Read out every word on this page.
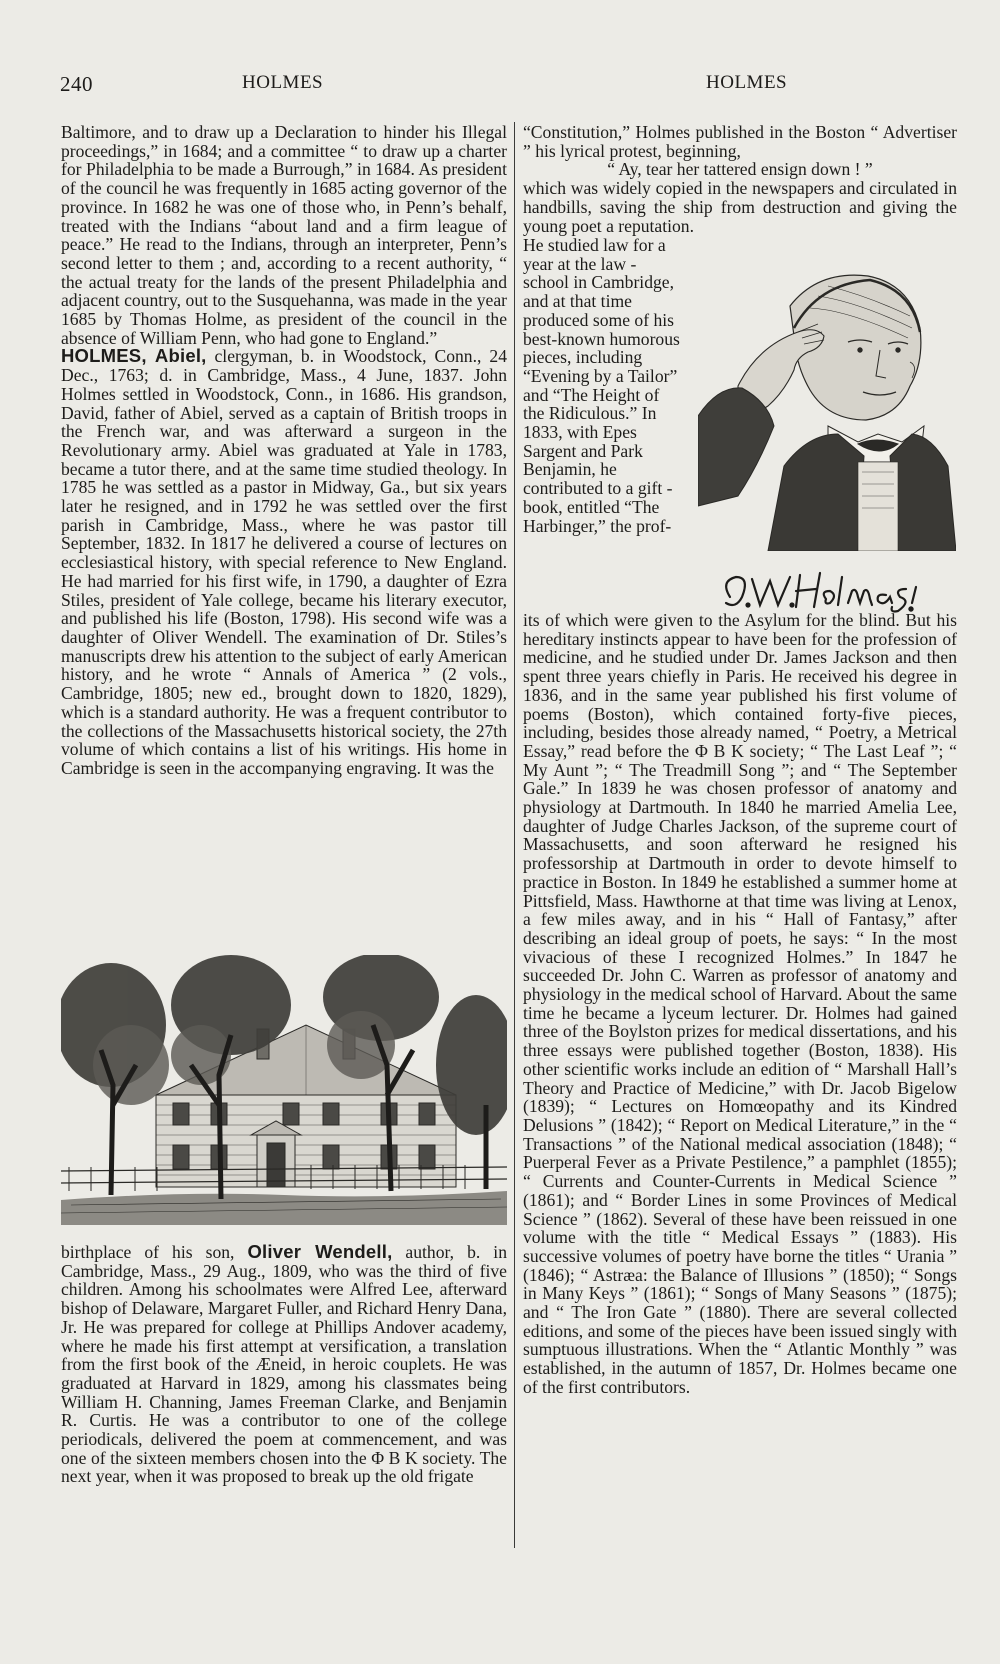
240	HOLMES	HOLMES

Baltimore, and to draw up a Declaration to hinder his Illegal proceedings,” in 1684; and a committee “ to draw up a charter for Philadelphia to be made a Burrough,” in 1684. As president of the council he was frequently in 1685 acting governor of the province. In 1682 he was one of those who, in Penn’s behalf, treated with the Indians “about land and a firm league of peace.” He read to the Indians, through an interpreter, Penn’s second letter to them ; and, according to a recent authority, “ the actual treaty for the lands of the present Philadelphia and adjacent country, out to the Susquehanna, was made in the year 1685 by Thomas Holme, as president of the council in the absence of William Penn, who had gone to England.”

HOLMES, Abiel, clergyman, b. in Woodstock, Conn., 24 Dec., 1763; d. in Cambridge, Mass., 4 June, 1837. John Holmes settled in Woodstock, Conn., in 1686. His grandson, David, father of Abiel, served as a captain of British troops in the French war, and was afterward a surgeon in the Revolutionary army. Abiel was graduated at Yale in 1783, became a tutor there, and at the same time studied theology. In 1785 he was settled as a pastor in Midway, Ga., but six years later he resigned, and in 1792 he was settled over the first parish in Cambridge, Mass., where he was pastor till September, 1832. In 1817 he delivered a course of lectures on ecclesiastical history, with special reference to New England. He had married for his first wife, in 1790, a daughter of Ezra Stiles, president of Yale college, became his literary executor, and published his life (Boston, 1798). His second wife was a daughter of Oliver Wendell. The examination of Dr. Stiles’s manuscripts drew his attention to the subject of early American history, and he wrote “ Annals of America ” (2 vols., Cambridge, 1805; new ed., brought down to 1820, 1829), which is a standard authority. He was a frequent contributor to the collections of the Massachusetts historical society, the 27th volume of which contains a list of his writings. His home in Cambridge is seen in the accompanying engraving. It was the

birthplace of his son, Oliver Wendell, author, b. in Cambridge, Mass., 29 Aug., 1809, who was the third of five children. Among his schoolmates were Alfred Lee, afterward bishop of Delaware, Margaret Fuller, and Richard Henry Dana, Jr. He was prepared for college at Phillips Andover academy, where he made his first attempt at versification, a translation from the first book of the Æneid, in heroic couplets. He was graduated at Harvard in 1829, among his classmates being William H. Channing, James Freeman Clarke, and Benjamin R. Curtis. He was a contributor to one of the college periodicals, delivered the poem at commencement, and was one of the sixteen members chosen into the Φ Β Κ society. The next year, when it was proposed to break up the old frigate

“Constitution,” Holmes published in the Boston “ Advertiser ” his lyrical protest, beginning,

“ Ay, tear her tattered ensign down ! ”

which was widely copied in the newspapers and circulated in handbills, saving the ship from destruction and giving the young poet a reputation.

He studied law for a year at the law - school in Cambridge, and at that time produced some of his best-known humorous pieces, including “Evening by a Tailor” and “The Height of the Ridiculous.” In 1833, with Epes Sargent and Park Benjamin, he contributed to a gift - book, entitled “The Harbinger,” the prof-

its of which were given to the Asylum for the blind. But his hereditary instincts appear to have been for the profession of medicine, and he studied under Dr. James Jackson and then spent three years chiefly in Paris. He received his degree in 1836, and in the same year published his first volume of poems (Boston), which contained forty-five pieces, including, besides those already named, “ Poetry, a Metrical Essay,” read before the Φ Β Κ society; “ The Last Leaf ”; “ My Aunt ”; “ The Treadmill Song ”; and “ The September Gale.” In 1839 he was chosen professor of anatomy and physiology at Dartmouth. In 1840 he married Amelia Lee, daughter of Judge Charles Jackson, of the supreme court of Massachusetts, and soon afterward he resigned his professorship at Dartmouth in order to devote himself to practice in Boston. In 1849 he established a summer home at Pittsfield, Mass. Hawthorne at that time was living at Lenox, a few miles away, and in his “ Hall of Fantasy,” after describing an ideal group of poets, he says: “ In the most vivacious of these I recognized Holmes.” In 1847 he succeeded Dr. John C. Warren as professor of anatomy and physiology in the medical school of Harvard. About the same time he became a lyceum lecturer. Dr. Holmes had gained three of the Boylston prizes for medical dissertations, and his three essays were published together (Boston, 1838). His other scientific works include an edition of “ Marshall Hall’s Theory and Practice of Medicine,” with Dr. Jacob Bigelow (1839); “ Lectures on Homœopathy and its Kindred Delusions ” (1842); “ Report on Medical Literature,” in the “ Transactions ” of the National medical association (1848); “ Puerperal Fever as a Private Pestilence,” a pamphlet (1855); “ Currents and Counter-Currents in Medical Science ” (1861); and “ Border Lines in some Provinces of Medical Science ” (1862). Several of these have been reissued in one volume with the title “ Medical Essays ” (1883). His successive volumes of poetry have borne the titles “ Urania ” (1846); “ Astræa: the Balance of Illusions ” (1850); “ Songs in Many Keys ” (1861); “ Songs of Many Seasons ” (1875); and “ The Iron Gate ” (1880). There are several collected editions, and some of the pieces have been issued singly with sumptuous illustrations. When the “ Atlantic Monthly ” was established, in the autumn of 1857, Dr. Holmes became one of the first contributors.
